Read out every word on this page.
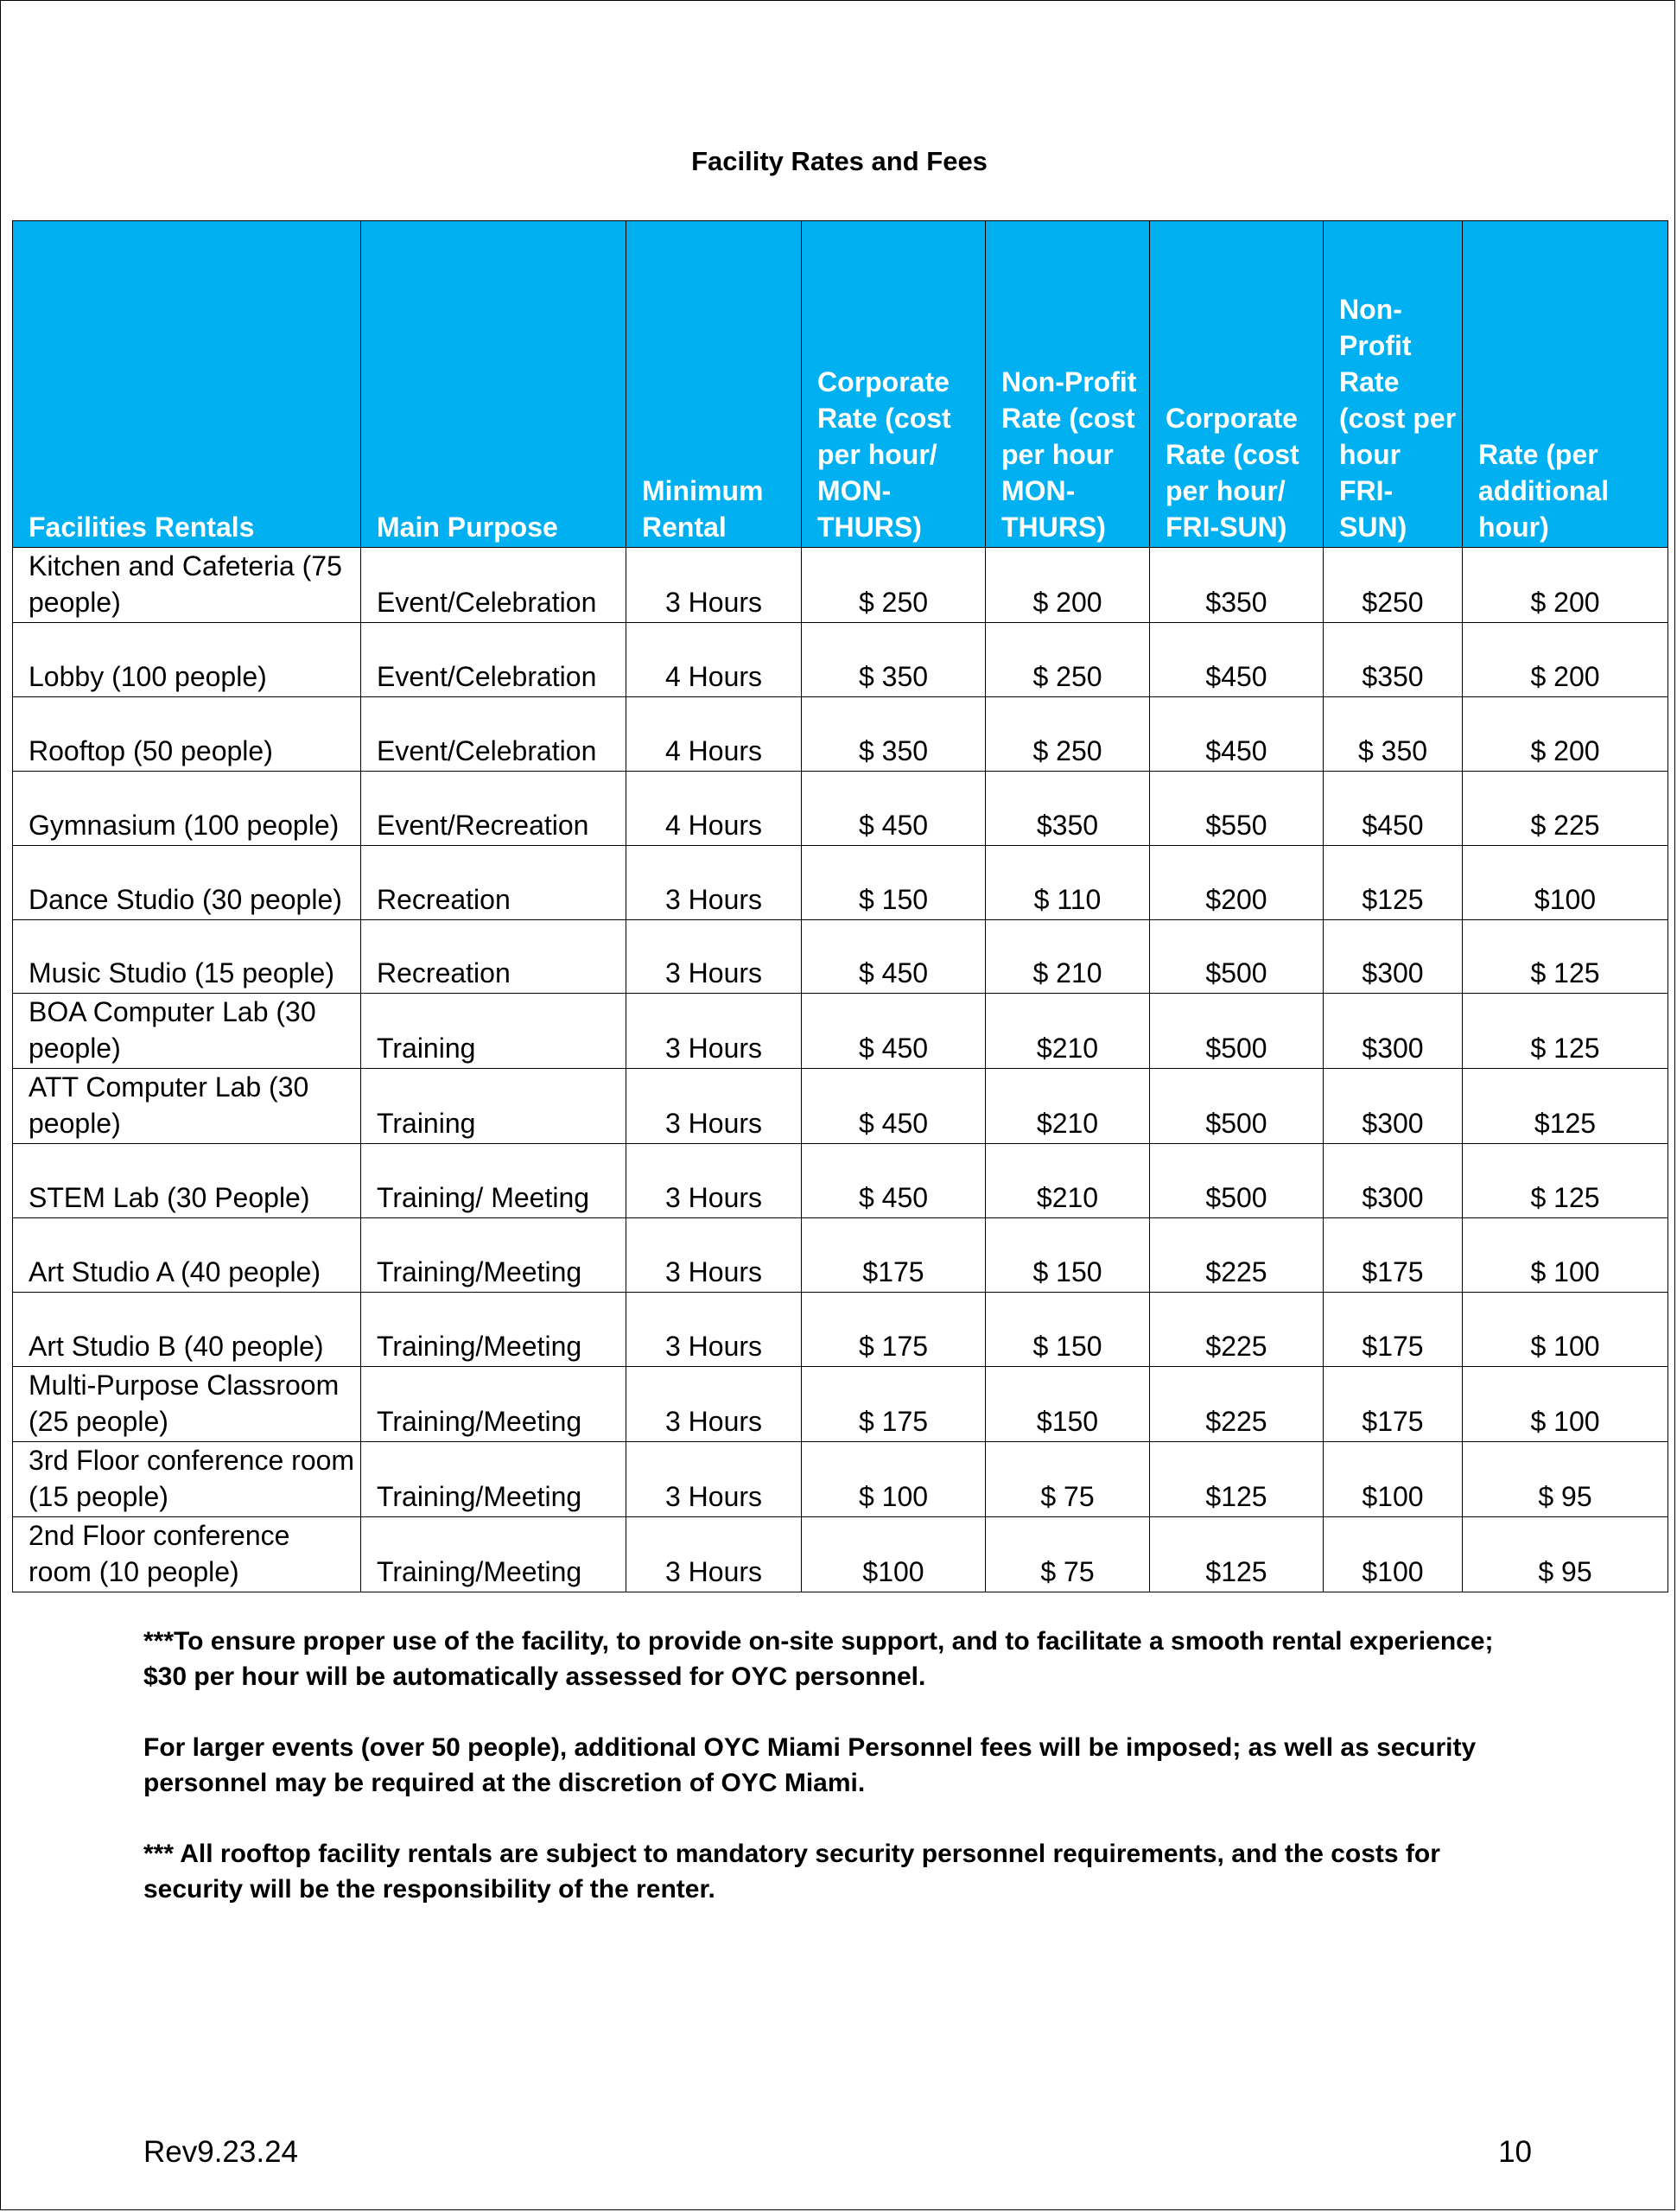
Facility Rates and Fees
Facilities Rentals	Main Purpose	Minimum Rental	Corporate Rate (cost per hour/ MON-THURS)	Non-Profit Rate (cost per hour MON-THURS)	Corporate Rate (cost per hour/ FRI-SUN)	Non-Profit Rate (cost per hour FRI-SUN)	Rate (per additional hour)
Kitchen and Cafeteria (75 people)	Event/Celebration	3 Hours	$ 250	$ 200	$350	$250	$ 200
Lobby (100 people)	Event/Celebration	4 Hours	$ 350	$ 250	$450	$350	$ 200
Rooftop (50 people)	Event/Celebration	4 Hours	$ 350	$ 250	$450	$ 350	$ 200
Gymnasium (100 people)	Event/Recreation	4 Hours	$ 450	$350	$550	$450	$ 225
Dance Studio (30 people)	Recreation	3 Hours	$ 150	$ 110	$200	$125	$100
Music Studio (15 people)	Recreation	3 Hours	$ 450	$ 210	$500	$300	$ 125
BOA Computer Lab (30 people)	Training	3 Hours	$ 450	$210	$500	$300	$ 125
ATT Computer Lab (30 people)	Training	3 Hours	$ 450	$210	$500	$300	$125
STEM Lab (30 People)	Training/ Meeting	3 Hours	$ 450	$210	$500	$300	$ 125
Art Studio A (40 people)	Training/Meeting	3 Hours	$175	$ 150	$225	$175	$ 100
Art Studio B (40 people)	Training/Meeting	3 Hours	$ 175	$ 150	$225	$175	$ 100
Multi-Purpose Classroom (25 people)	Training/Meeting	3 Hours	$ 175	$150	$225	$175	$ 100
3rd Floor conference room (15 people)	Training/Meeting	3 Hours	$ 100	$ 75	$125	$100	$ 95
2nd Floor conference room (10 people)	Training/Meeting	3 Hours	$100	$ 75	$125	$100	$ 95

***To ensure proper use of the facility, to provide on-site support, and to facilitate a smooth rental experience; $30 per hour will be automatically assessed for OYC personnel.

For larger events (over 50 people), additional OYC Miami Personnel fees will be imposed; as well as security personnel may be required at the discretion of OYC Miami.

*** All rooftop facility rentals are subject to mandatory security personnel requirements, and the costs for security will be the responsibility of the renter.

Rev9.23.24	10
